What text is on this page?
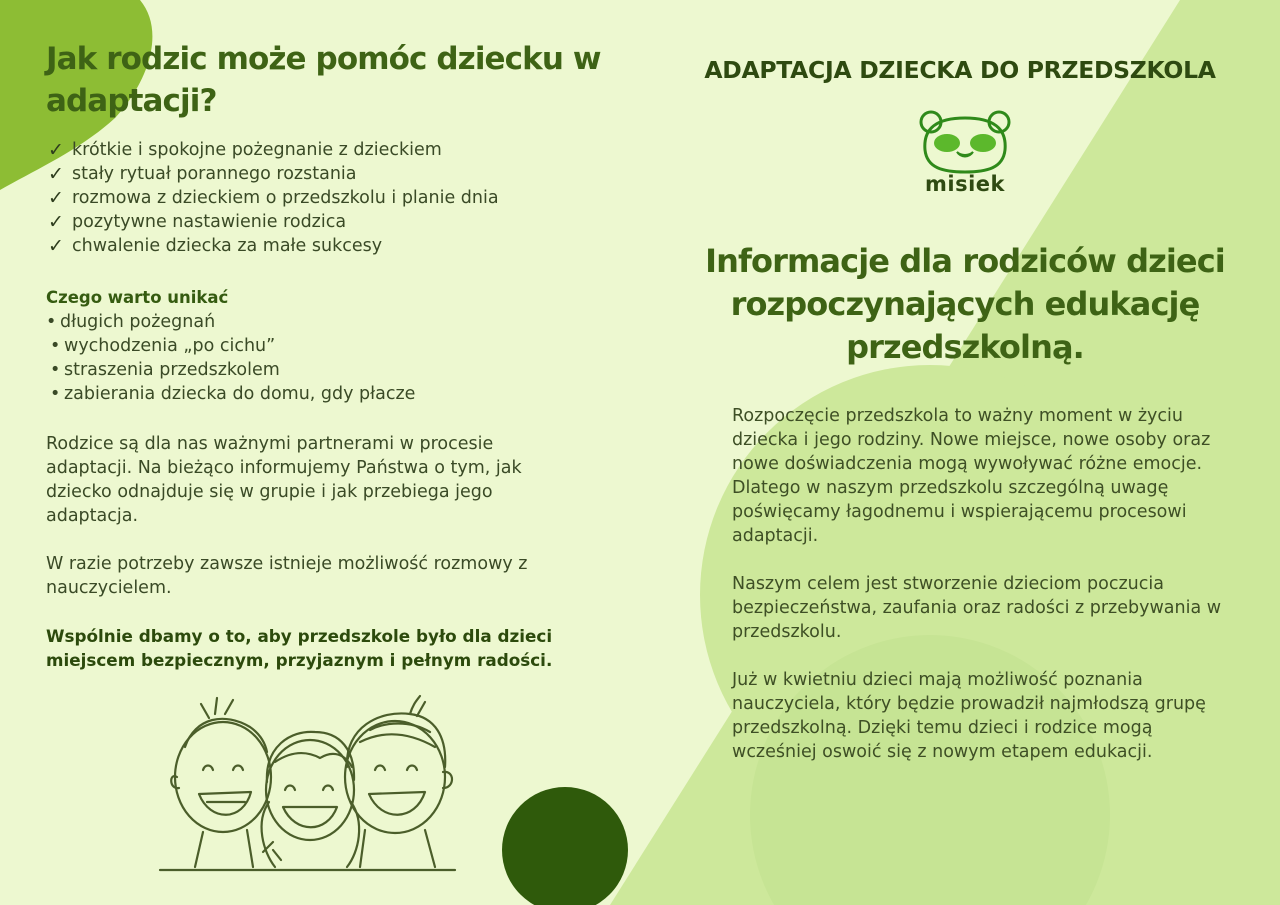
Jak rodzic może pomóc dziecku w adaptacji?
✓ krótkie i spokojne pożegnanie z dzieckiem
✓ stały rytuał porannego rozstania
✓ rozmowa z dzieckiem o przedszkolu i planie dnia
✓ pozytywne nastawienie rodzica
✓ chwalenie dziecka za małe sukcesy

Czego warto unikać

• długich pożegnań
• wychodzenia „po cichu”
• straszenia przedszkolem
• zabierania dziecka do domu, gdy płacze

Rodzice są dla nas ważnymi partnerami w procesie adaptacji. Na bieżąco informujemy Państwa o tym, jak dziecko odnajduje się w grupie i jak przebiega jego adaptacja.

W razie potrzeby zawsze istnieje możliwość rozmowy z nauczycielem.

Wspólnie dbamy o to, aby przedszkole było dla dzieci miejscem bezpiecznym, przyjaznym i pełnym radości.

ADAPTACJA DZIECKA DO PRZEDSZKOLA
misiek
Informacje dla rodziców dzieci rozpoczynających edukację przedszkolną.

Rozpoczęcie przedszkola to ważny moment w życiu dziecka i jego rodziny. Nowe miejsce, nowe osoby oraz nowe doświadczenia mogą wywoływać różne emocje. Dlatego w naszym przedszkolu szczególną uwagę poświęcamy łagodnemu i wspierającemu procesowi adaptacji.

Naszym celem jest stworzenie dzieciom poczucia bezpieczeństwa, zaufania oraz radości z przebywania w przedszkolu.

Już w kwietniu dzieci mają możliwość poznania nauczyciela, który będzie prowadził najmłodszą grupę przedszkolną. Dzięki temu dzieci i rodzice mogą wcześniej oswoić się z nowym etapem edukacji.
